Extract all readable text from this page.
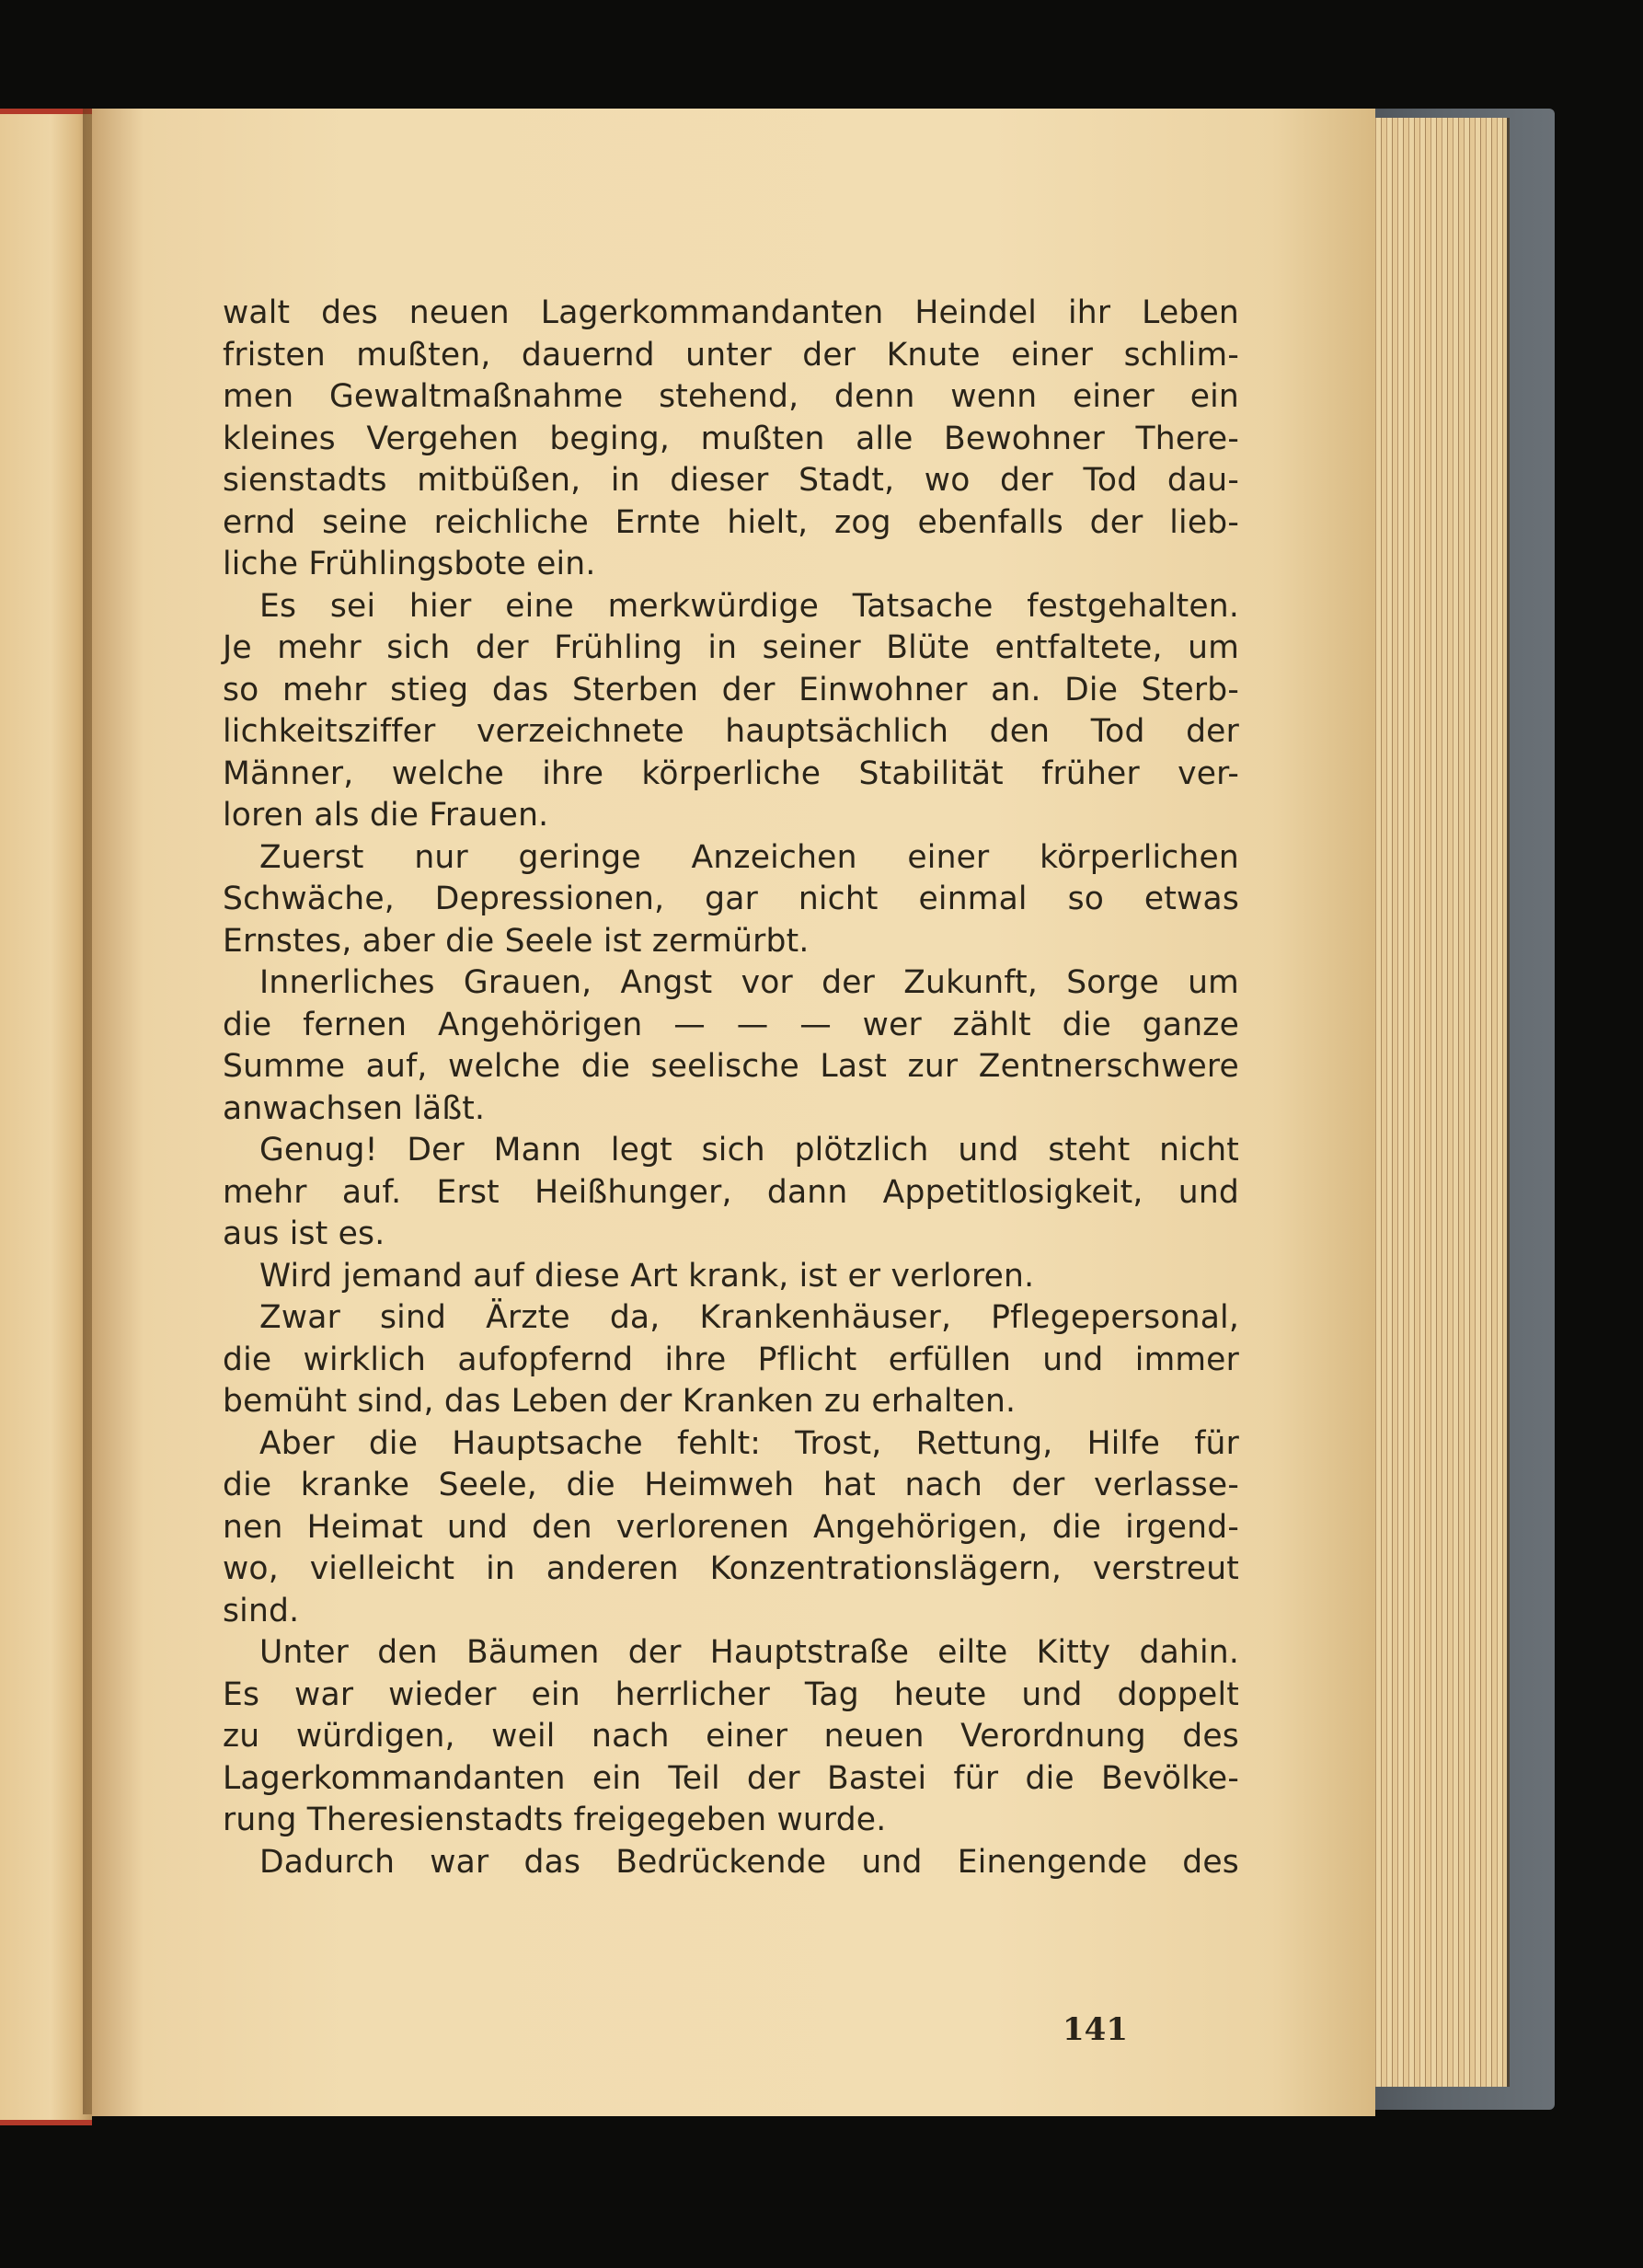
walt des neuen Lagerkommandanten Heindel ihr Leben
fristen mußten, dauernd unter der Knute einer schlim-
men Gewaltmaßnahme stehend, denn wenn einer ein
kleines Vergehen beging, mußten alle Bewohner There-
sienstadts mitbüßen, in dieser Stadt, wo der Tod dau-
ernd seine reichliche Ernte hielt, zog ebenfalls der lieb-
liche Frühlingsbote ein.
Es sei hier eine merkwürdige Tatsache festgehalten.
Je mehr sich der Frühling in seiner Blüte entfaltete, um
so mehr stieg das Sterben der Einwohner an. Die Sterb-
lichkeitsziffer verzeichnete hauptsächlich den Tod der
Männer, welche ihre körperliche Stabilität früher ver-
loren als die Frauen.
Zuerst nur geringe Anzeichen einer körperlichen
Schwäche, Depressionen, gar nicht einmal so etwas
Ernstes, aber die Seele ist zermürbt.
Innerliches Grauen, Angst vor der Zukunft, Sorge um
die fernen Angehörigen — — — wer zählt die ganze
Summe auf, welche die seelische Last zur Zentnerschwere
anwachsen läßt.
Genug! Der Mann legt sich plötzlich und steht nicht
mehr auf. Erst Heißhunger, dann Appetitlosigkeit, und
aus ist es.
Wird jemand auf diese Art krank, ist er verloren.
Zwar sind Ärzte da, Krankenhäuser, Pflegepersonal,
die wirklich aufopfernd ihre Pflicht erfüllen und immer
bemüht sind, das Leben der Kranken zu erhalten.
Aber die Hauptsache fehlt: Trost, Rettung, Hilfe für
die kranke Seele, die Heimweh hat nach der verlasse-
nen Heimat und den verlorenen Angehörigen, die irgend-
wo, vielleicht in anderen Konzentrationslägern, verstreut
sind.
Unter den Bäumen der Hauptstraße eilte Kitty dahin.
Es war wieder ein herrlicher Tag heute und doppelt
zu würdigen, weil nach einer neuen Verordnung des
Lagerkommandanten ein Teil der Bastei für die Bevölke-
rung Theresienstadts freigegeben wurde.
Dadurch war das Bedrückende und Einengende des

141
